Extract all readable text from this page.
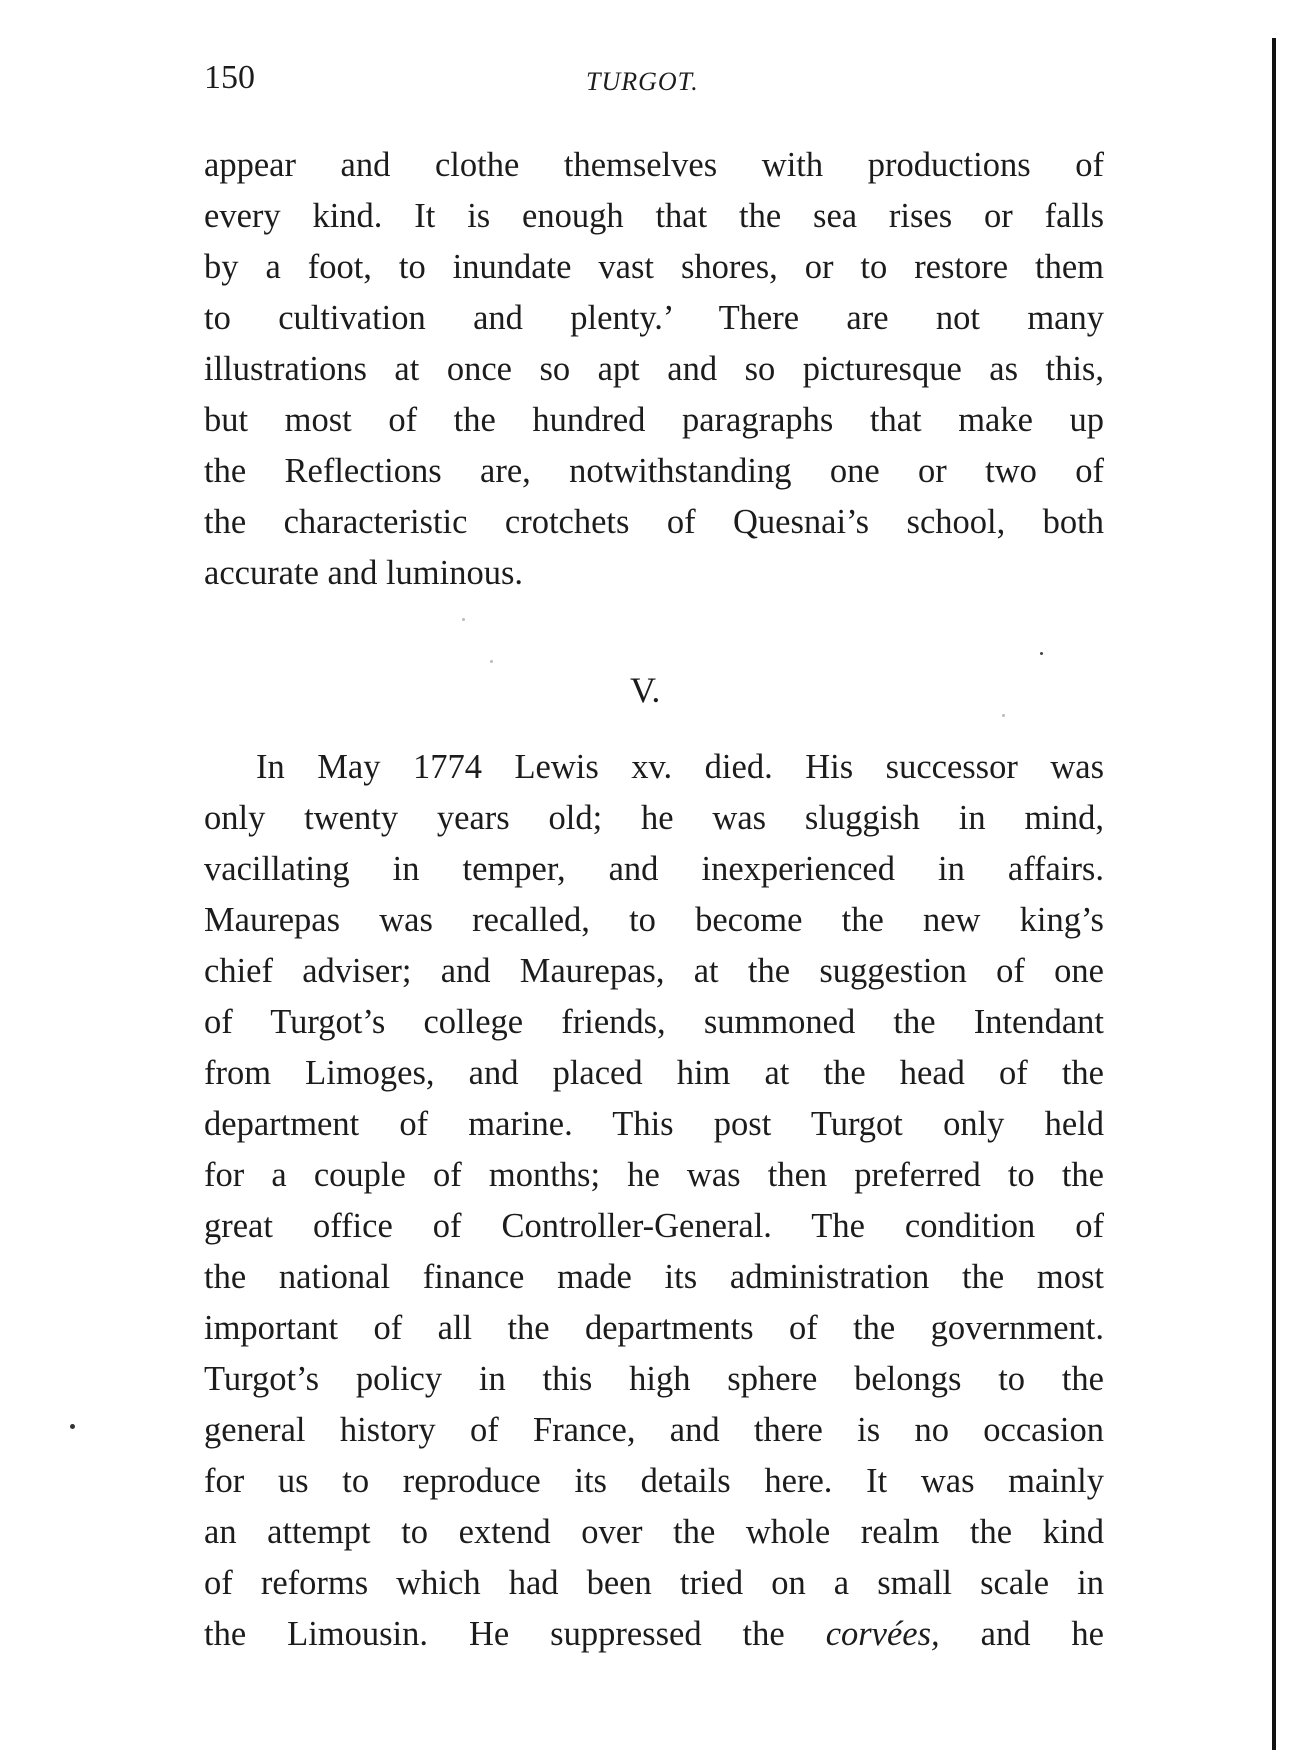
150	TURGOT.

appear and clothe themselves with productions of
every kind. It is enough that the sea rises or falls
by a foot, to inundate vast shores, or to restore them
to cultivation and plenty.’ There are not many
illustrations at once so apt and so picturesque as this,
but most of the hundred paragraphs that make up
the Reflections are, notwithstanding one or two of
the characteristic crotchets of Quesnai’s school, both
accurate and luminous.

V.

In May 1774 Lewis xv. died. His successor was
only twenty years old; he was sluggish in mind,
vacillating in temper, and inexperienced in affairs.
Maurepas was recalled, to become the new king’s
chief adviser; and Maurepas, at the suggestion of one
of Turgot’s college friends, summoned the Intendant
from Limoges, and placed him at the head of the
department of marine. This post Turgot only held
for a couple of months; he was then preferred to the
great office of Controller-General. The condition of
the national finance made its administration the most
important of all the departments of the government.
Turgot’s policy in this high sphere belongs to the
general history of France, and there is no occasion
for us to reproduce its details here. It was mainly
an attempt to extend over the whole realm the kind
of reforms which had been tried on a small scale in
the Limousin. He suppressed the corvées, and he
